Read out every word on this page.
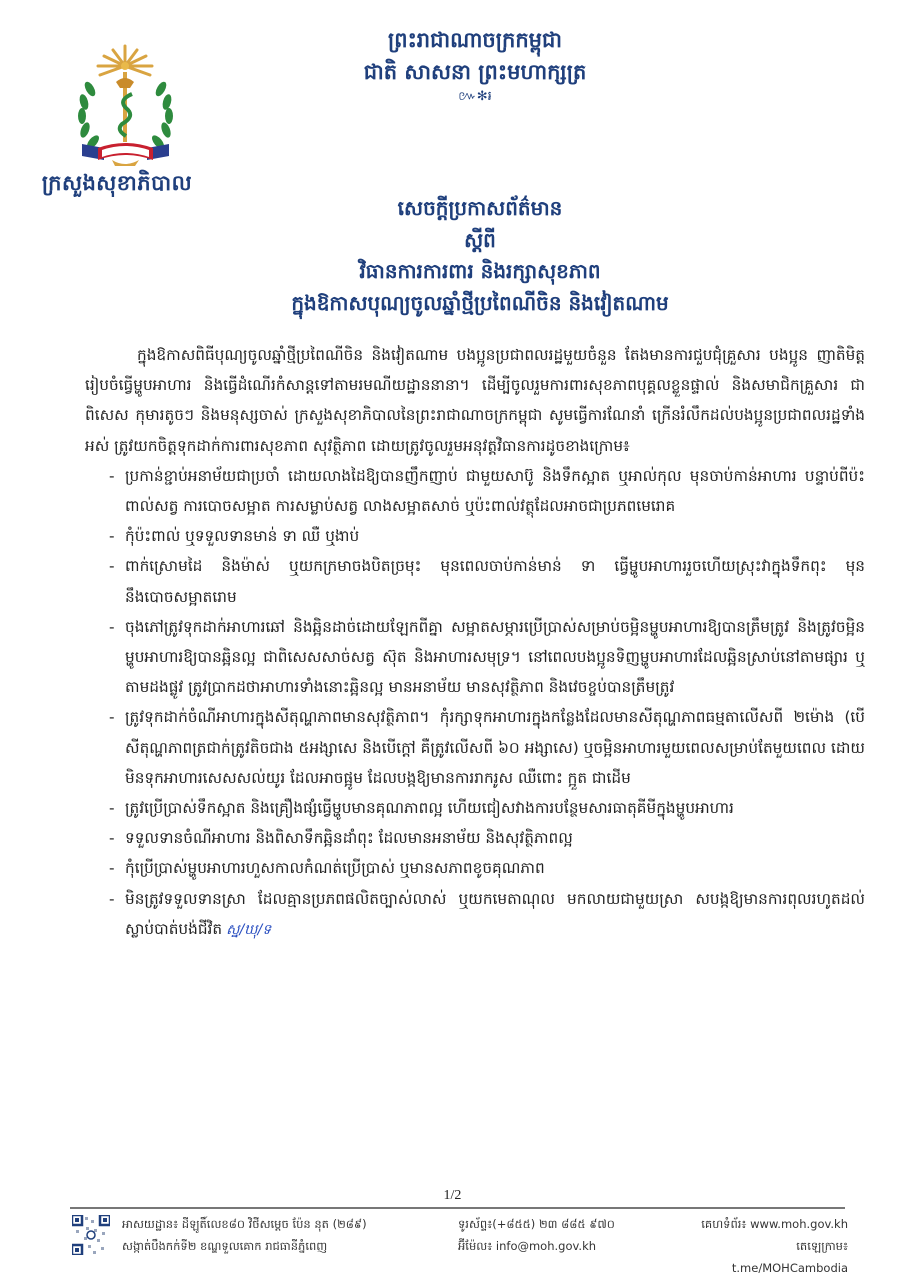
ក្រសួងសុខាភិបាល
ព្រះរាជាណាចក្រកម្ពុជា
ជាតិ សាសនា ព្រះមហាក្សត្រ
៚✻៛
សេចក្តីប្រកាសព័ត៌មាន
ស្តីពី
វិធានការការពារ និងរក្សាសុខភាព
ក្នុងឱកាសបុណ្យចូលឆ្នាំថ្មីប្រពៃណីចិន និងវៀតណាម

ក្នុងឱកាសពិធីបុណ្យចូលឆ្នាំថ្មីប្រពៃណីចិន និងវៀតណាម បងប្អូនប្រជាពលរដ្ឋមួយចំនួន តែងមានការជួបជុំគ្រួសារ បងប្អូន ញាតិមិត្ត រៀបចំធ្វើម្ហូបអាហារ និងធ្វើដំណើរកំសាន្តទៅតាមរមណីយដ្ឋាននានា។ ដើម្បីចូលរួមការពារសុខភាពបុគ្គលខ្លួនផ្ទាល់ និងសមាជិកគ្រួសារ ជាពិសេស កុមារតូចៗ និងមនុស្សចាស់ ក្រសួងសុខាភិបាលនៃព្រះរាជាណាចក្រកម្ពុជា សូមធ្វើការណែនាំ ក្រើនរំលឹកដល់បងប្អូនប្រជាពលរដ្ឋទាំងអស់ ត្រូវយកចិត្តទុកដាក់ការពារសុខភាព សុវត្ថិភាព ដោយត្រូវចូលរួមអនុវត្តវិធានការដូចខាងក្រោម៖

- ប្រកាន់ខ្ជាប់អនាម័យជាប្រចាំ ដោយលាងដៃឱ្យបានញឹកញាប់ ជាមួយសាប៊ូ និងទឹកស្អាត ឬអាល់កុល មុនចាប់កាន់អាហារ បន្ទាប់ពីប៉ះពាល់សត្វ ការបោចសម្អាត ការសម្លាប់សត្វ លាងសម្អាតសាច់ ឬប៉ះពាល់វត្ថុដែលអាចជាប្រភពមេរោគ
- កុំប៉ះពាល់ ឬទទួលទានមាន់ ទា ឈឺ ឬងាប់
- ពាក់ស្រោមដៃ និងម៉ាស់ ឬយកក្រមាចងបិតច្រមុះ មុនពេលចាប់កាន់មាន់ ទា ធ្វើម្ហូបអាហាររួចហើយស្រុះវាក្នុងទឹកពុះ មុននឹងបោចសម្អាតរោម
- ចុងភៅត្រូវទុកដាក់អាហារឆៅ និងឆ្អិនដាច់ដោយឡែកពីគ្នា សម្អាតសម្ភារប្រើប្រាស់សម្រាប់ចម្អិនម្ហូបអាហារឱ្យបានត្រឹមត្រូវ និងត្រូវចម្អិនម្ហូបអាហារឱ្យបានឆ្អិនល្អ ជាពិសេសសាច់សត្វ ស៊ុត និងអាហារសមុទ្រ។ នៅពេលបងប្អូនទិញម្ហូបអាហារដែលឆ្អិនស្រាប់នៅតាមផ្សារ ឬតាមដងផ្លូវ ត្រូវប្រាកដថាអាហារទាំងនោះឆ្អិនល្អ មានអនាម័យ មានសុវត្ថិភាព និងវេចខ្ចប់បានត្រឹមត្រូវ
- ត្រូវទុកដាក់ចំណីអាហារក្នុងសីតុណ្ហភាពមានសុវត្ថិភាព។ កុំរក្សាទុកអាហារក្នុងកន្លែងដែលមានសីតុណ្ហភាពធម្មតាលើសពី ២ម៉ោង (បើសីតុណ្ហភាពត្រជាក់ត្រូវតិចជាង ៥អង្សាសេ និងបើក្តៅ គឺត្រូវលើសពី ៦០ អង្សាសេ) ឬចម្អិនអាហារមួយពេលសម្រាប់តែមួយពេល ដោយមិនទុកអាហារសេសសល់យូរ ដែលអាចផ្អូម ដែលបង្កឱ្យមានការរាករូស ឈឺពោះ ក្អួត ជាដើម
- ត្រូវប្រើប្រាស់ទឹកស្អាត និងគ្រឿងផ្សំធ្វើម្ហូបមានគុណភាពល្អ ហើយជៀសវាងការបន្ថែមសារធាតុគីមីក្នុងម្ហូបអាហារ
- ទទួលទានចំណីអាហារ និងពិសាទឹកឆ្អិនដាំពុះ ដែលមានអនាម័យ និងសុវត្ថិភាពល្អ
- កុំប្រើប្រាស់ម្ហូបអាហារហួសកាលកំណត់ប្រើប្រាស់ ឬមានសភាពខូចគុណភាព
- មិនត្រូវទទួលទានស្រា ដែលគ្មានប្រភពផលិតច្បាស់លាស់ ឬយកមេតាណុល មកលាយជាមួយស្រា សបង្កឱ្យមានការពុលរហូតដល់ស្លាប់បាត់បង់ជីវិត ស្ន/ឃុ/ទ
1/2
អាសយដ្ឋាន៖ ដីឡូតិ៍លេខ៨០ វិថីសម្តេច ប៉ែន នុត (២៨៩)
សង្កាត់បឹងកក់ទី២ ខណ្ឌទួលគោក រាជធានីភ្នំពេញ
ទូរស័ព្ទ៖(+៨៥៥) ២៣ ៨៨៥ ៩៧០
អ៊ីម៉ែល៖ info@moh.gov.kh
គេហទំព័រ៖ www.moh.gov.kh
តេឡេក្រាម៖ t.me/MOHCambodia
